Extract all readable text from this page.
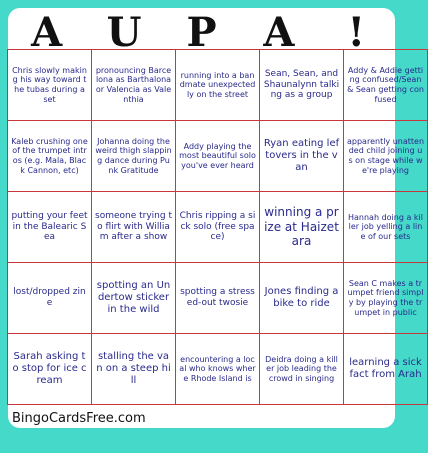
A	U	P	A	!
Chris slowly making his way toward the tubas during a set	pronouncing Barcelona as Barthalona or Valencia as Valenthia	running into a bandmate unexpectedly on the street	Sean, Sean, and Shaunalynn talking as a group	Addy & Addie getting confused/Sean & Sean getting confused
Kaleb crushing one of the trumpet intros (e.g. Mala, Black Cannon, etc)	Johanna doing the weird thigh slapping dance during Punk Gratitude	Addy playing the most beautiful solo you've ever heard	Ryan eating leftovers in the van	apparently unattended child joining us on stage while we're playing
putting your feet in the Balearic Sea	someone trying to flirt with William after a show	Chris ripping a sick solo (free space)	winning a prize at Haizetara	Hannah doing a killer job yelling a line of our sets
lost/dropped zine	spotting an Undertow sticker in the wild	spotting a stressed-out twosie	Jones finding a bike to ride	Sean C makes a trumpet friend simply by playing the trumpet in public
Sarah asking to stop for ice cream	stalling the van on a steep hill	encountering a local who knows where Rhode Island is	Deidra doing a killer job leading the crowd in singing	learning a sick fact from Arah
BingoCardsFree.com
